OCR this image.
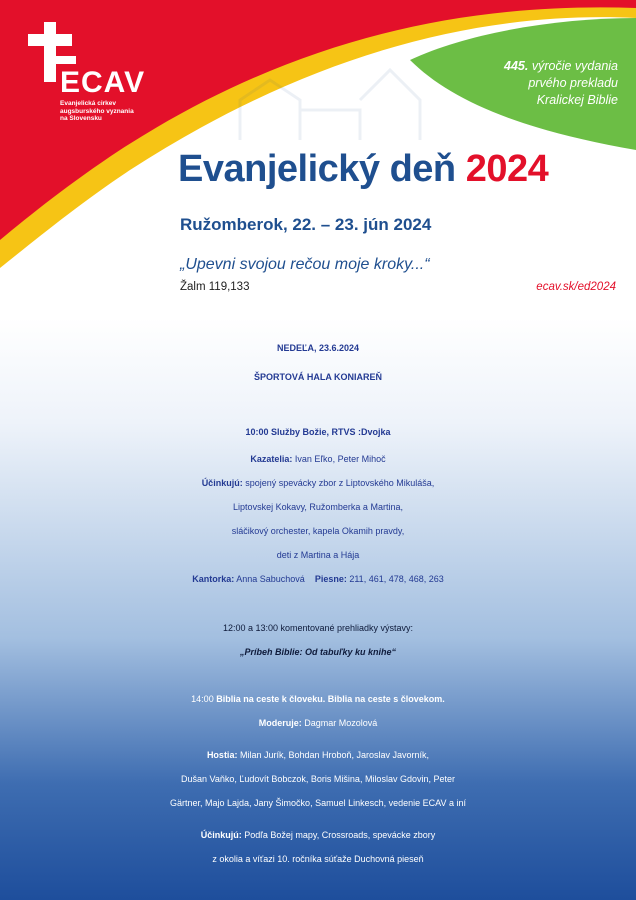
ECAV
Evanjelická cirkev
augsburského vyznania
na Slovensku
445. výročie vydania
prvého prekladu
Kralickej Biblie
Evanjelický deň 2024
Ružomberok, 22. – 23. jún 2024
„Upevni svojou rečou moje kroky...“
Žalm 119,133	ecav.sk/ed2024
NEDEĽA, 23.6.2024
ŠPORTOVÁ HALA KONIAREŇ
10:00 Služby Božie, RTVS :Dvojka
Kazatelia: Ivan Eľko, Peter Mihoč
Účinkujú: spojený spevácky zbor z Liptovského Mikuláša,
Liptovskej Kokavy, Ružomberka a Martina,
sláčikový orchester, kapela Okamih pravdy,
deti z Martina a Hája
Kantorka: Anna Sabuchová Piesne: 211, 461, 478, 468, 263
12:00 a 13:00 komentované prehliadky výstavy:
„Príbeh Biblie: Od tabuľky ku knihe“
14:00 Biblia na ceste k človeku. Biblia na ceste s človekom.
Moderuje: Dagmar Mozolová
Hostia: Milan Jurík, Bohdan Hroboň, Jaroslav Javorník,
Dušan Vaňko, Ľudovít Bobczok, Boris Mišina, Miloslav Gdovin, Peter
Gärtner, Majo Lajda, Jany Šimočko, Samuel Linkesch, vedenie ECAV a iní
Účinkujú: Podľa Božej mapy, Crossroads, spevácke zbory
z okolia a víťazi 10. ročníka súťaže Duchovná pieseň
